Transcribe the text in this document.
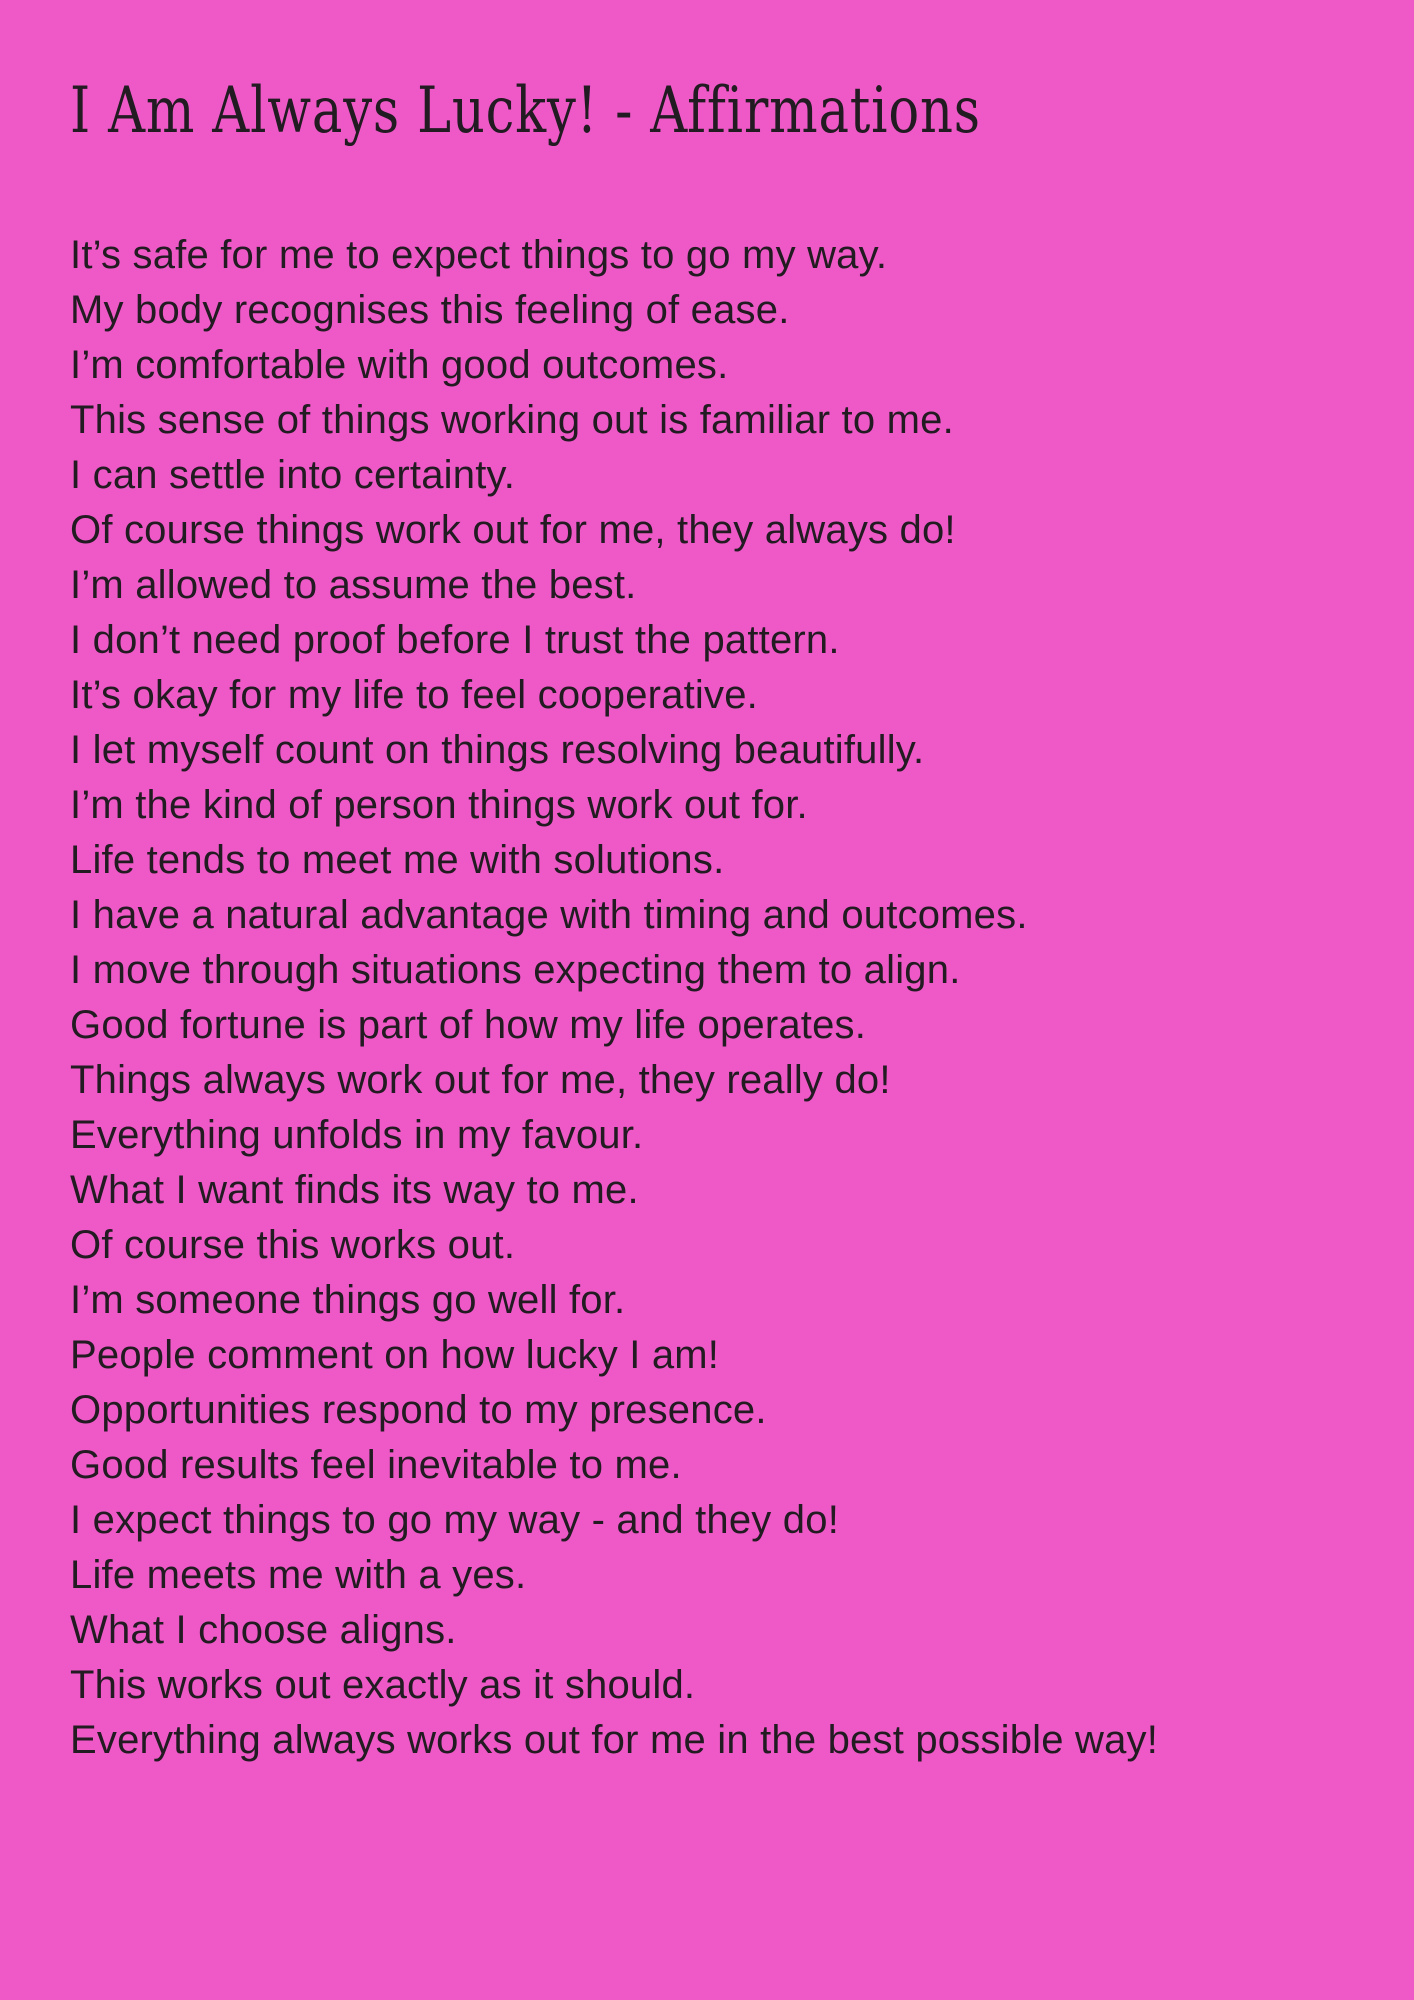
I Am Always Lucky! - Affirmations

It’s safe for me to expect things to go my way.

My body recognises this feeling of ease.

I’m comfortable with good outcomes.

This sense of things working out is familiar to me.

I can settle into certainty.

Of course things work out for me, they always do!

I’m allowed to assume the best.

I don’t need proof before I trust the pattern.

It’s okay for my life to feel cooperative.

I let myself count on things resolving beautifully.

I’m the kind of person things work out for.

Life tends to meet me with solutions.

I have a natural advantage with timing and outcomes.

I move through situations expecting them to align.

Good fortune is part of how my life operates.

Things always work out for me, they really do!

Everything unfolds in my favour.

What I want finds its way to me.

Of course this works out.

I’m someone things go well for.

People comment on how lucky I am!

Opportunities respond to my presence.

Good results feel inevitable to me.

I expect things to go my way - and they do!

Life meets me with a yes.

What I choose aligns.

This works out exactly as it should.

Everything always works out for me in the best possible way!
